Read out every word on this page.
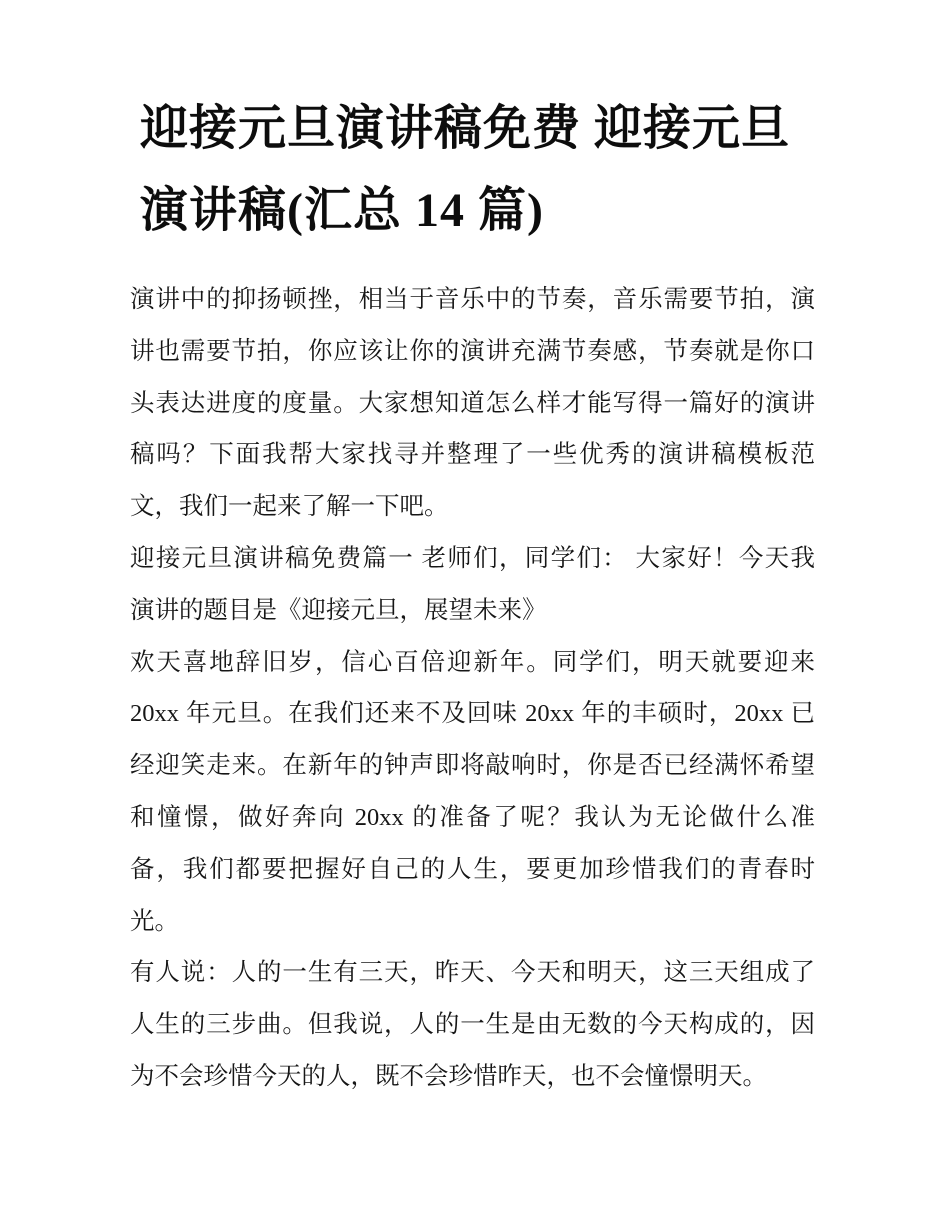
迎接元旦演讲稿免费 迎接元旦
演讲稿(汇总 14 篇)
演讲中的抑扬顿挫，相当于音乐中的节奏，音乐需要节拍，演
讲也需要节拍，你应该让你的演讲充满节奏感，节奏就是你口
头表达进度的度量。大家想知道怎么样才能写得一篇好的演讲
稿吗？下面我帮大家找寻并整理了一些优秀的演讲稿模板范
文，我们一起来了解一下吧。
迎接元旦演讲稿免费篇一 老师们，同学们： 大家好！今天我
演讲的题目是《迎接元旦，展望未来》
欢天喜地辞旧岁，信心百倍迎新年。同学们，明天就要迎来
20xx 年元旦。在我们还来不及回味 20xx 年的丰硕时，20xx 已
经迎笑走来。在新年的钟声即将敲响时，你是否已经满怀希望
和憧憬，做好奔向 20xx 的准备了呢？我认为无论做什么准
备，我们都要把握好自己的人生，要更加珍惜我们的青春时
光。
有人说：人的一生有三天，昨天、今天和明天，这三天组成了
人生的三步曲。但我说，人的一生是由无数的今天构成的，因
为不会珍惜今天的人，既不会珍惜昨天，也不会憧憬明天。
